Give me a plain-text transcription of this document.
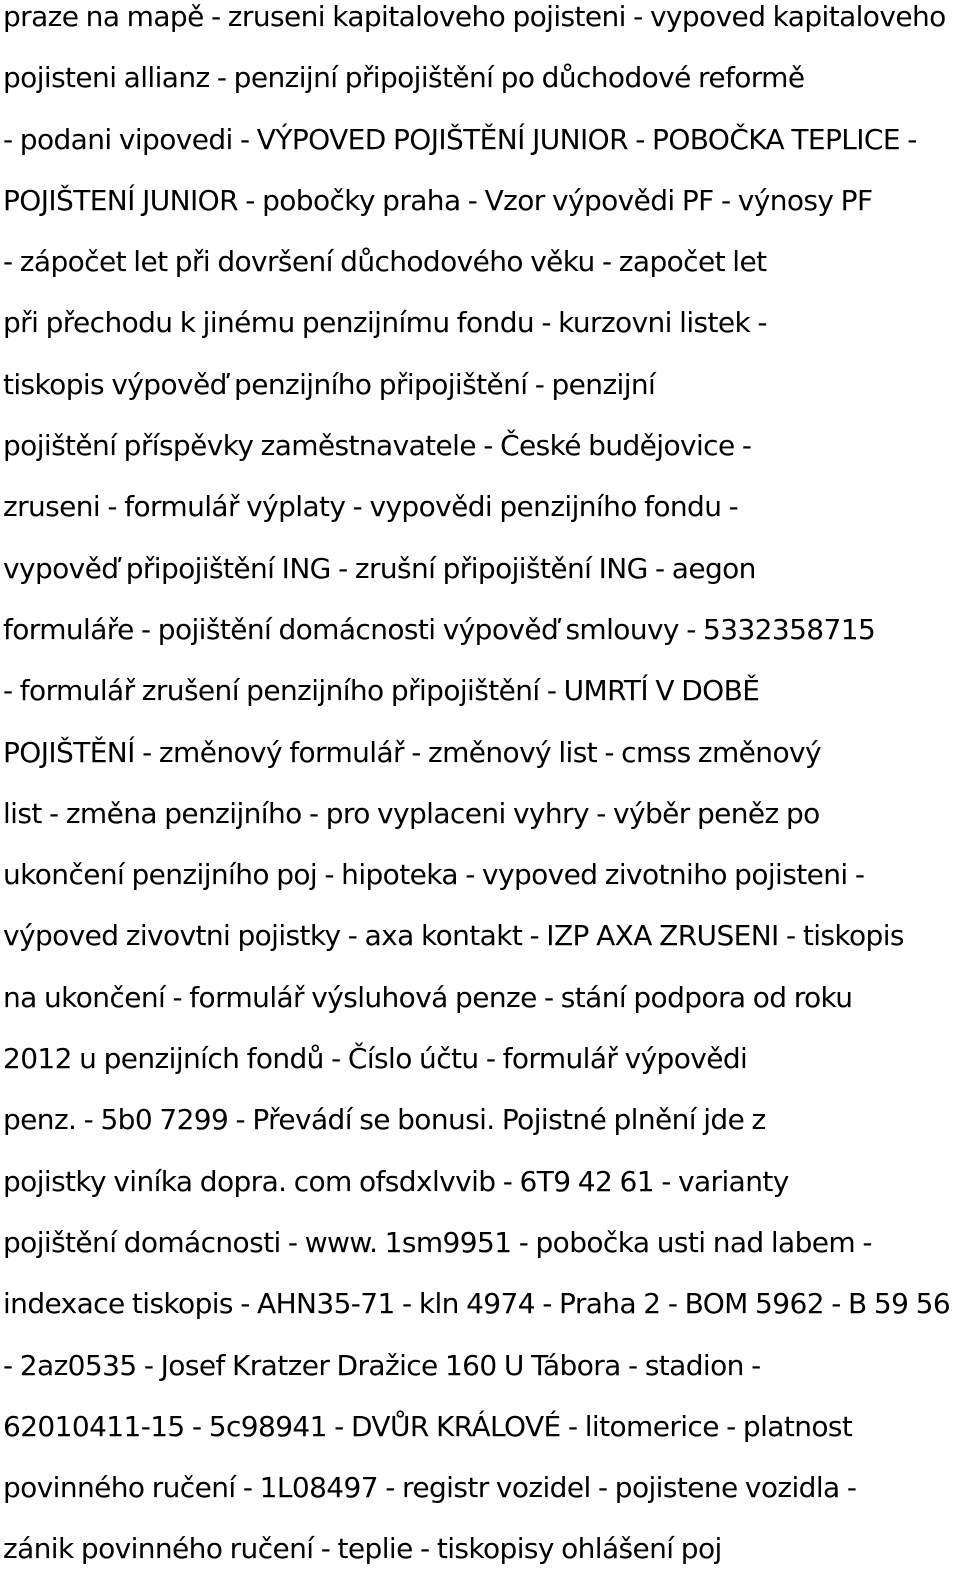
praze na mapě - zruseni kapitaloveho pojisteni - vypoved kapitaloveho

pojisteni allianz - penzijní připojištění po důchodové reformě

- podani vipovedi - VÝPOVED POJIŠTĚNÍ JUNIOR - POBOČKA TEPLICE -

POJIŠTENÍ JUNIOR - pobočky praha - Vzor výpovědi PF - výnosy PF

- zápočet let při dovršení důchodového věku - započet let

při přechodu k jinému penzijnímu fondu - kurzovni listek -

tiskopis výpověď penzijního připojištění - penzijní

pojištění příspěvky zaměstnavatele - České budějovice -

zruseni - formulář výplaty - vypovědi penzijního fondu -

vypověď připojištění ING - zrušní připojištění ING - aegon

formuláře - pojištění domácnosti výpověď smlouvy - 5332358715

- formulář zrušení penzijního připojištění - UMRTÍ V DOBĚ

POJIŠTĚNÍ - změnový formulář - změnový list - cmss změnový

list - změna penzijního - pro vyplaceni vyhry - výběr peněz po

ukončení penzijního poj - hipoteka - vypoved zivotniho pojisteni -

výpoved zivovtni pojistky - axa kontakt - IZP AXA ZRUSENI - tiskopis

na ukončení - formulář výsluhová penze - stání podpora od roku

2012 u penzijních fondů - Číslo účtu - formulář výpovědi

penz. - 5b0 7299 - Převádí se bonusi. Pojistné plnění jde z

pojistky viníka dopra. com ofsdxlvvib - 6T9 42 61 - varianty

pojištění domácnosti - www. 1sm9951 - pobočka usti nad labem -

indexace tiskopis - AHN35-71 - kln 4974 - Praha 2 - BOM 5962 - B 59 56

- 2az0535 - Josef Kratzer Dražice 160 U Tábora - stadion -

62010411-15 - 5c98941 - DVŮR KRÁLOVÉ - litomerice - platnost

povinného ručení - 1L08497 - registr vozidel - pojistene vozidla -

zánik povinného ručení - teplie - tiskopisy ohlášení poj
